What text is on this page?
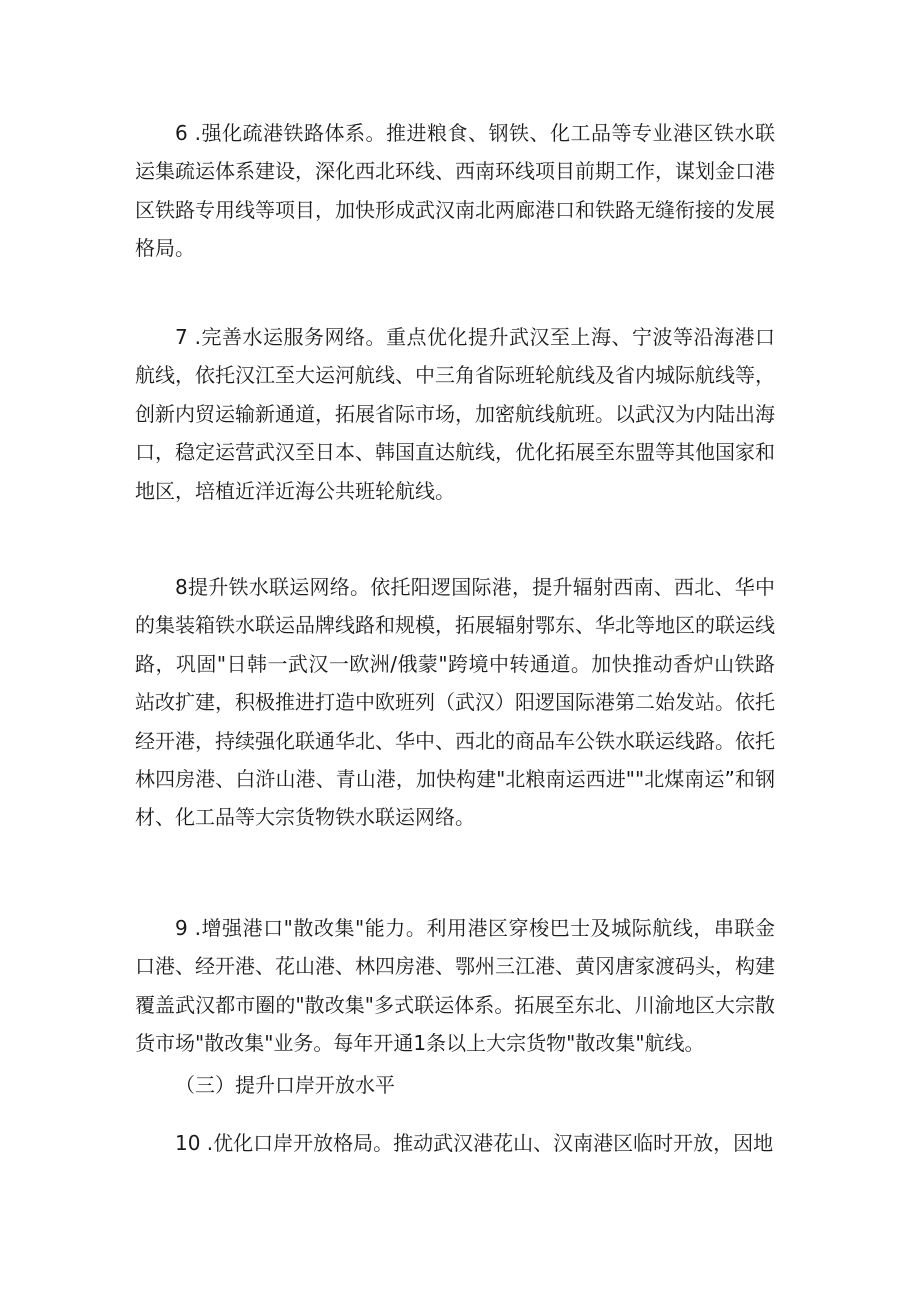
6 .强化疏港铁路体系。推进粮食、钢铁、化工品等专业港区铁水联运集疏运体系建设，深化西北环线、西南环线项目前期工作，谋划金口港区铁路专用线等项目，加快形成武汉南北两廊港口和铁路无缝衔接的发展格局。

7 .完善水运服务网络。重点优化提升武汉至上海、宁波等沿海港口航线，依托汉江至大运河航线、中三角省际班轮航线及省内城际航线等，创新内贸运输新通道，拓展省际市场，加密航线航班。以武汉为内陆出海口，稳定运营武汉至日本、韩国直达航线，优化拓展至东盟等其他国家和地区，培植近洋近海公共班轮航线。

8提升铁水联运网络。依托阳逻国际港，提升辐射西南、西北、华中的集装箱铁水联运品牌线路和规模，拓展辐射鄂东、华北等地区的联运线路，巩固"日韩一武汉一欧洲/俄蒙"跨境中转通道。加快推动香炉山铁路站改扩建，积极推进打造中欧班列（武汉）阳逻国际港第二始发站。依托经开港，持续强化联通华北、华中、西北的商品车公铁水联运线路。依托林四房港、白浒山港、青山港，加快构建"北粮南运西进""北煤南运”和钢材、化工品等大宗货物铁水联运网络。

9 .增强港口"散改集"能力。利用港区穿梭巴士及城际航线，串联金口港、经开港、花山港、林四房港、鄂州三江港、黄冈唐家渡码头，构建覆盖武汉都市圈的"散改集"多式联运体系。拓展至东北、川渝地区大宗散货市场"散改集"业务。每年开通1条以上大宗货物"散改集"航线。

（三）提升口岸开放水平

10 .优化口岸开放格局。推动武汉港花山、汉南港区临时开放，因地
